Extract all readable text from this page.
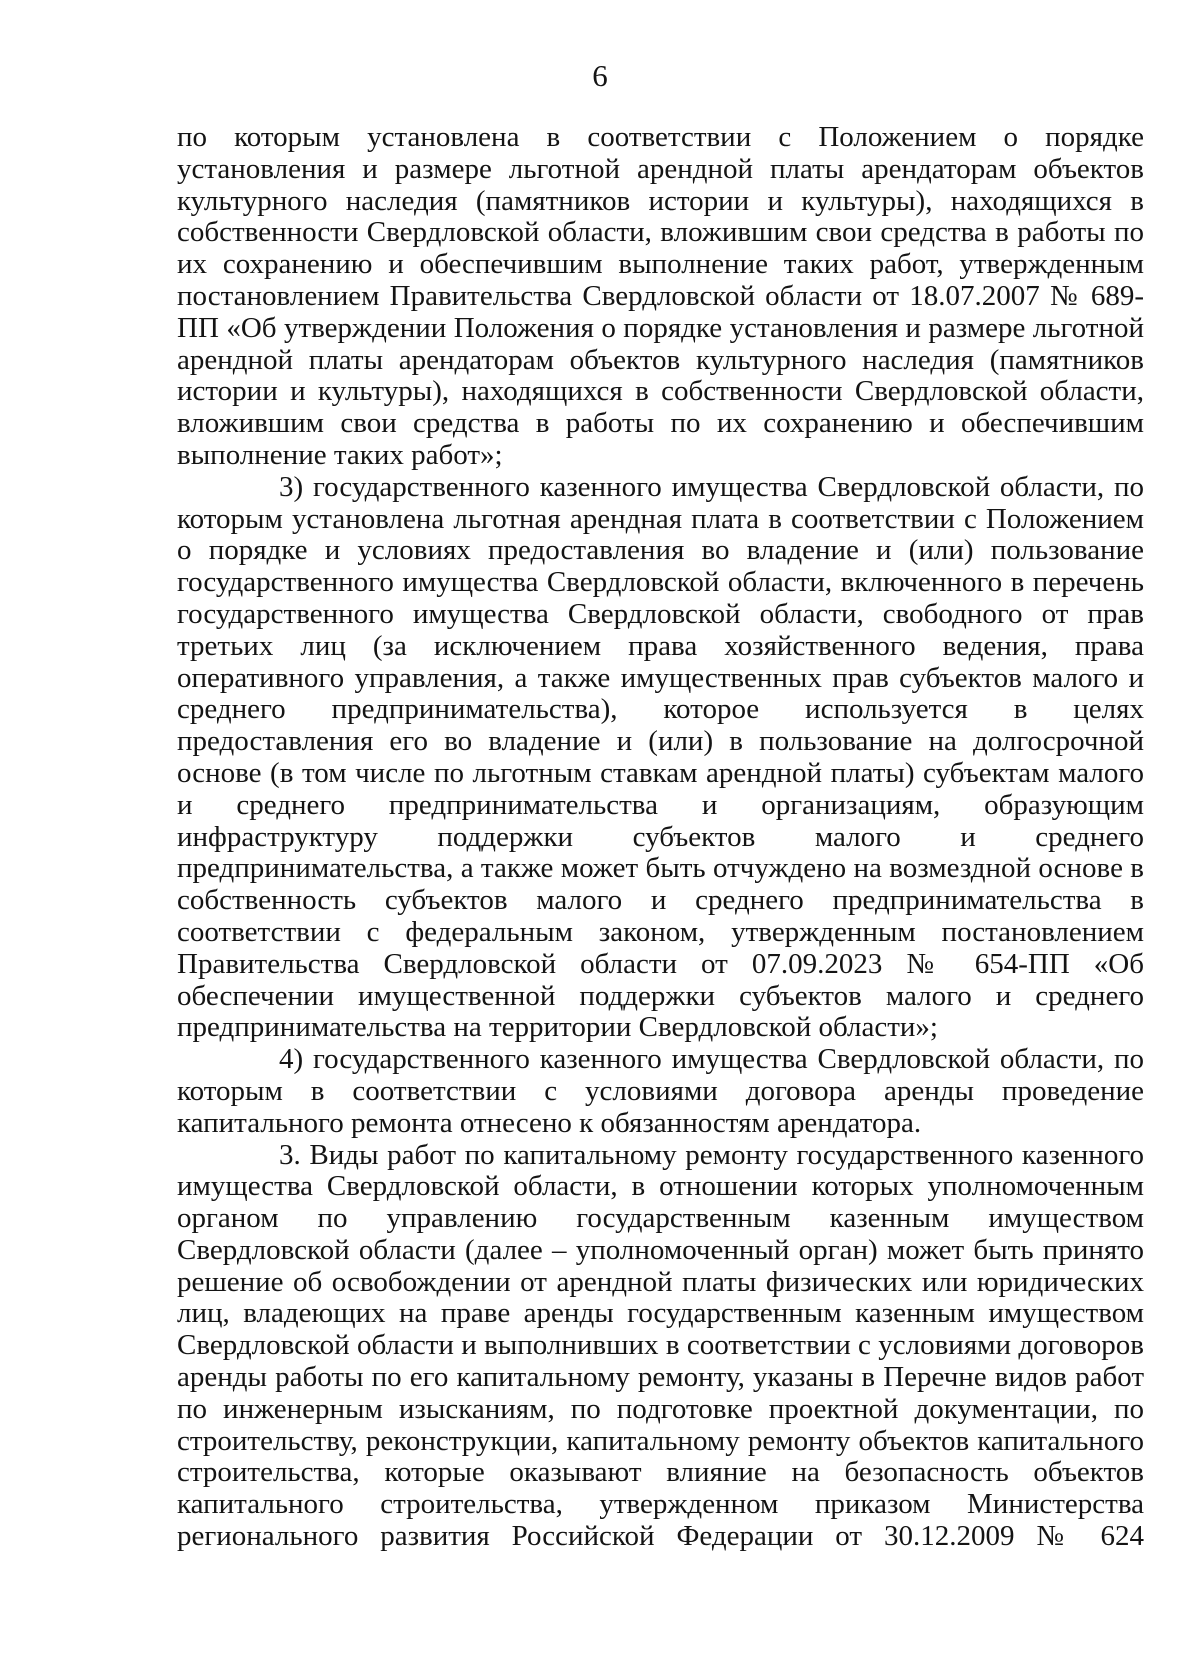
6

по которым установлена в соответствии с Положением о порядке установления и размере льготной арендной платы арендаторам объектов культурного наследия (памятников истории и культуры), находящихся в собственности Свердловской области, вложившим свои средства в работы по их сохранению и обеспечившим выполнение таких работ, утвержденным постановлением Правительства Свердловской области от 18.07.2007 № 689-ПП «Об утверждении Положения о порядке установления и размере льготной арендной платы арендаторам объектов культурного наследия (памятников истории и культуры), находящихся в собственности Свердловской области, вложившим свои средства в работы по их сохранению и обеспечившим выполнение таких работ»;

3) государственного казенного имущества Свердловской области, по которым установлена льготная арендная плата в соответствии с Положением о порядке и условиях предоставления во владение и (или) пользование государственного имущества Свердловской области, включенного в перечень государственного имущества Свердловской области, свободного от прав третьих лиц (за исключением права хозяйственного ведения, права оперативного управления, а также имущественных прав субъектов малого и среднего предпринимательства), которое используется в целях предоставления его во владение и (или) в пользование на долгосрочной основе (в том числе по льготным ставкам арендной платы) субъектам малого и среднего предпринимательства и организациям, образующим инфраструктуру поддержки субъектов малого и среднего предпринимательства, а также может быть отчуждено на возмездной основе в собственность субъектов малого и среднего предпринимательства в соответствии с федеральным законом, утвержденным постановлением Правительства Свердловской области от 07.09.2023 № 654-ПП «Об обеспечении имущественной поддержки субъектов малого и среднего предпринимательства на территории Свердловской области»;

4) государственного казенного имущества Свердловской области, по которым в соответствии с условиями договора аренды проведение капитального ремонта отнесено к обязанностям арендатора.

3. Виды работ по капитальному ремонту государственного казенного имущества Свердловской области, в отношении которых уполномоченным органом по управлению государственным казенным имуществом Свердловской области (далее – уполномоченный орган) может быть принято решение об освобождении от арендной платы физических или юридических лиц, владеющих на праве аренды государственным казенным имуществом Свердловской области и выполнивших в соответствии с условиями договоров аренды работы по его капитальному ремонту, указаны в Перечне видов работ по инженерным изысканиям, по подготовке проектной документации, по строительству, реконструкции, капитальному ремонту объектов капитального строительства, которые оказывают влияние на безопасность объектов капитального строительства, утвержденном приказом Министерства регионального развития Российской Федерации от 30.12.2009 № 624
